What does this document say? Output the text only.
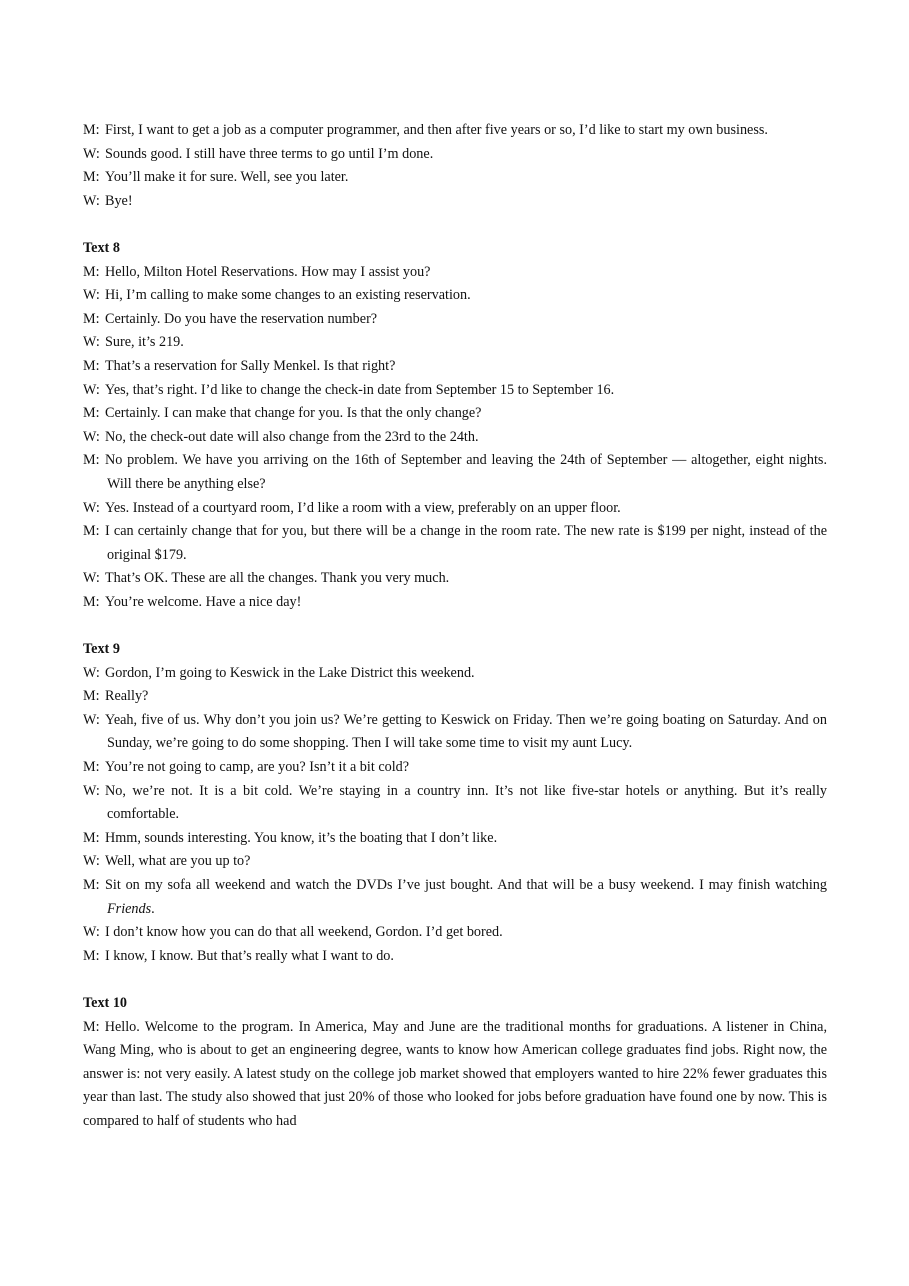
M: First, I want to get a job as a computer programmer, and then after five years or so, I’d like to start my own business.

W: Sounds good. I still have three terms to go until I’m done.

M: You’ll make it for sure. Well, see you later.

W: Bye!

Text 8

M: Hello, Milton Hotel Reservations. How may I assist you?

W: Hi, I’m calling to make some changes to an existing reservation.

M: Certainly. Do you have the reservation number?

W: Sure, it’s 219.

M: That’s a reservation for Sally Menkel. Is that right?

W: Yes, that’s right. I’d like to change the check-in date from September 15 to September 16.

M: Certainly. I can make that change for you. Is that the only change?

W: No, the check-out date will also change from the 23rd to the 24th.

M: No problem. We have you arriving on the 16th of September and leaving the 24th of September — altogether, eight nights. Will there be anything else?

W: Yes. Instead of a courtyard room, I’d like a room with a view, preferably on an upper floor.

M: I can certainly change that for you, but there will be a change in the room rate. The new rate is $199 per night, instead of the original $179.

W: That’s OK. These are all the changes. Thank you very much.

M: You’re welcome. Have a nice day!

Text 9

W: Gordon, I’m going to Keswick in the Lake District this weekend.

M: Really?

W: Yeah, five of us. Why don’t you join us? We’re getting to Keswick on Friday. Then we’re going boating on Saturday. And on Sunday, we’re going to do some shopping. Then I will take some time to visit my aunt Lucy.

M: You’re not going to camp, are you? Isn’t it a bit cold?

W: No, we’re not. It is a bit cold. We’re staying in a country inn. It’s not like five-star hotels or anything. But it’s really comfortable.

M: Hmm, sounds interesting. You know, it’s the boating that I don’t like.

W: Well, what are you up to?

M: Sit on my sofa all weekend and watch the DVDs I’ve just bought. And that will be a busy weekend. I may finish watching Friends.

W: I don’t know how you can do that all weekend, Gordon. I’d get bored.

M: I know, I know. But that’s really what I want to do.

Text 10

M: Hello. Welcome to the program. In America, May and June are the traditional months for graduations. A listener in China, Wang Ming, who is about to get an engineering degree, wants to know how American college graduates find jobs. Right now, the answer is: not very easily. A latest study on the college job market showed that employers wanted to hire 22% fewer graduates this year than last. The study also showed that just 20% of those who looked for jobs before graduation have found one by now. This is compared to half of students who had
